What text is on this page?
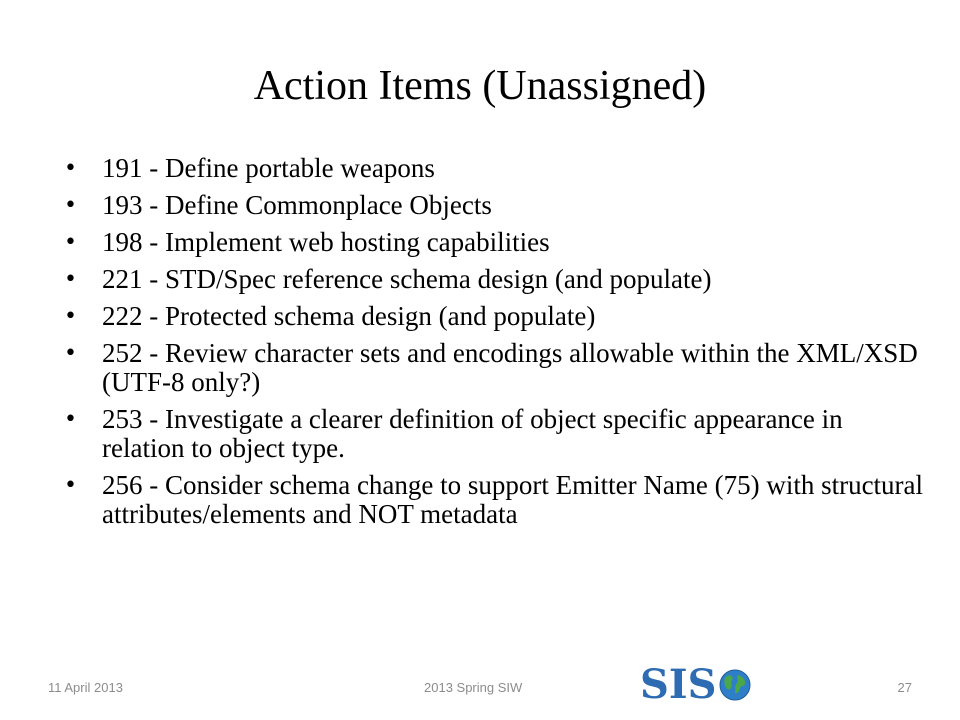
Action Items (Unassigned)
• 191 - Define portable weapons
• 193 - Define Commonplace Objects
• 198 - Implement web hosting capabilities
• 221 - STD/Spec reference schema design (and populate)
• 222 - Protected schema design (and populate)
• 252 - Review character sets and encodings allowable within the XML/XSD (UTF-8 only?)
• 253 - Investigate a clearer definition of object specific appearance in relation to object type.
• 256 - Consider schema change to support Emitter Name (75) with structural attributes/elements and NOT metadata
11 April 2013	2013 Spring SIW	27
SIS
